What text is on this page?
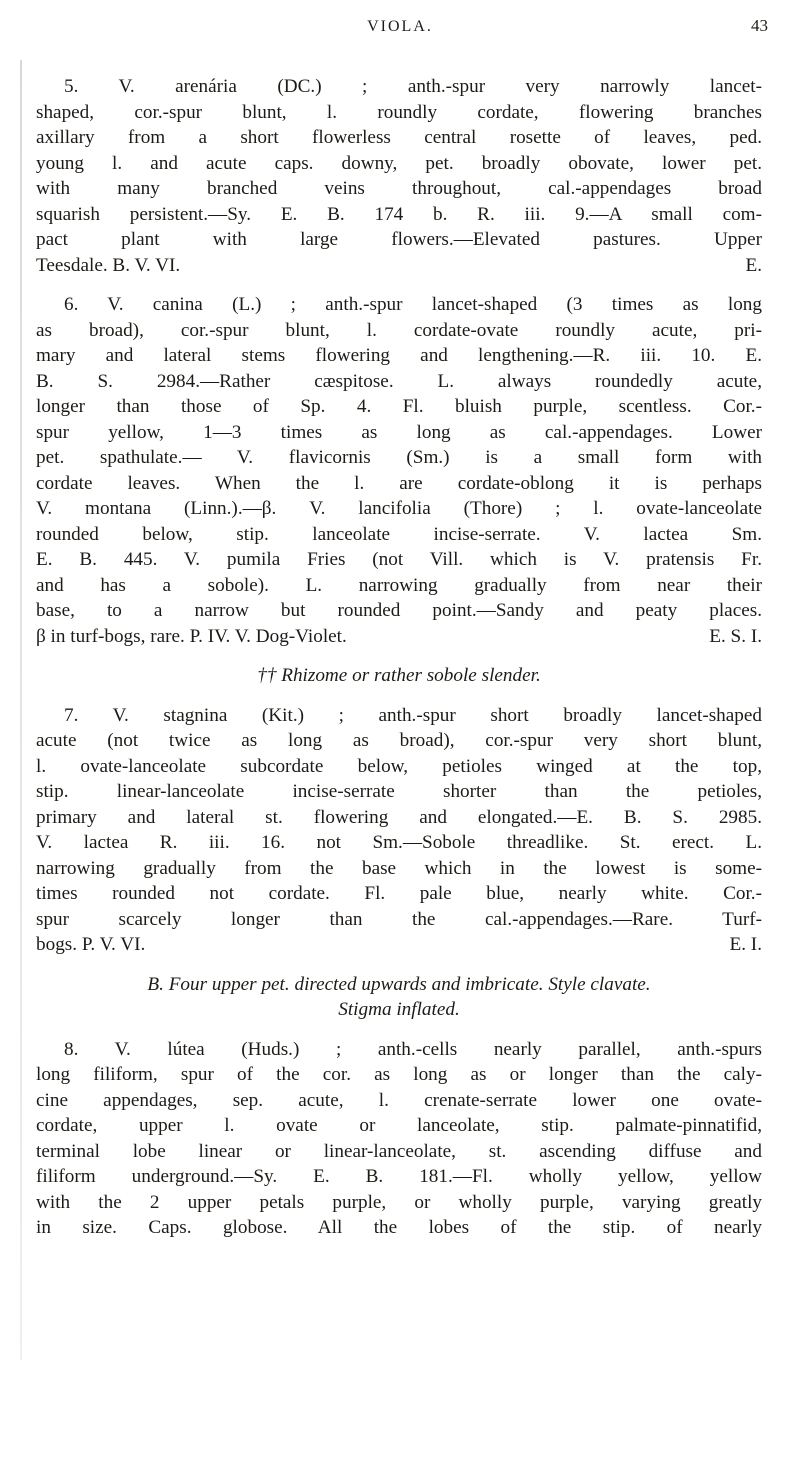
VIOLA.	43
5. V. arenária (DC.) ; anth.-spur very narrowly lancet-
shaped, cor.-spur blunt, l. roundly cordate, flowering branches
axillary from a short flowerless central rosette of leaves, ped.
young l. and acute caps. downy, pet. broadly obovate, lower pet.
with many branched veins throughout, cal.-appendages broad
squarish persistent.—Sy. E. B. 174 b. R. iii. 9.—A small com-
pact plant with large flowers.—Elevated pastures. Upper
Teesdale. B. V. VI.	E.
6. V. canina (L.) ; anth.-spur lancet-shaped (3 times as long
as broad), cor.-spur blunt, l. cordate-ovate roundly acute, pri-
mary and lateral stems flowering and lengthening.—R. iii. 10. E.
B. S. 2984.—Rather cæspitose. L. always roundedly acute,
longer than those of Sp. 4. Fl. bluish purple, scentless. Cor.-
spur yellow, 1—3 times as long as cal.-appendages. Lower
pet. spathulate.— V. flavicornis (Sm.) is a small form with
cordate leaves. When the l. are cordate-oblong it is perhaps
V. montana (Linn.).—β. V. lancifolia (Thore) ; l. ovate-lanceolate
rounded below, stip. lanceolate incise-serrate. V. lactea Sm.
E. B. 445. V. pumila Fries (not Vill. which is V. pratensis Fr.
and has a sobole). L. narrowing gradually from near their
base, to a narrow but rounded point.—Sandy and peaty places.
β in turf-bogs, rare. P. IV. V. Dog-Violet.	E. S. I.
†† Rhizome or rather sobole slender.
7. V. stagnina (Kit.) ; anth.-spur short broadly lancet-shaped
acute (not twice as long as broad), cor.-spur very short blunt,
l. ovate-lanceolate subcordate below, petioles winged at the top,
stip. linear-lanceolate incise-serrate shorter than the petioles,
primary and lateral st. flowering and elongated.—E. B. S. 2985.
V. lactea R. iii. 16. not Sm.—Sobole threadlike. St. erect. L.
narrowing gradually from the base which in the lowest is some-
times rounded not cordate. Fl. pale blue, nearly white. Cor.-
spur scarcely longer than the cal.-appendages.—Rare. Turf-
bogs. P. V. VI.	E. I.
B. Four upper pet. directed upwards and imbricate. Style clavate.
Stigma inflated.
8. V. lútea (Huds.) ; anth.-cells nearly parallel, anth.-spurs
long filiform, spur of the cor. as long as or longer than the caly-
cine appendages, sep. acute, l. crenate-serrate lower one ovate-
cordate, upper l. ovate or lanceolate, stip. palmate-pinnatifid,
terminal lobe linear or linear-lanceolate, st. ascending diffuse and
filiform underground.—Sy. E. B. 181.—Fl. wholly yellow, yellow
with the 2 upper petals purple, or wholly purple, varying greatly
in size. Caps. globose. All the lobes of the stip. of nearly
